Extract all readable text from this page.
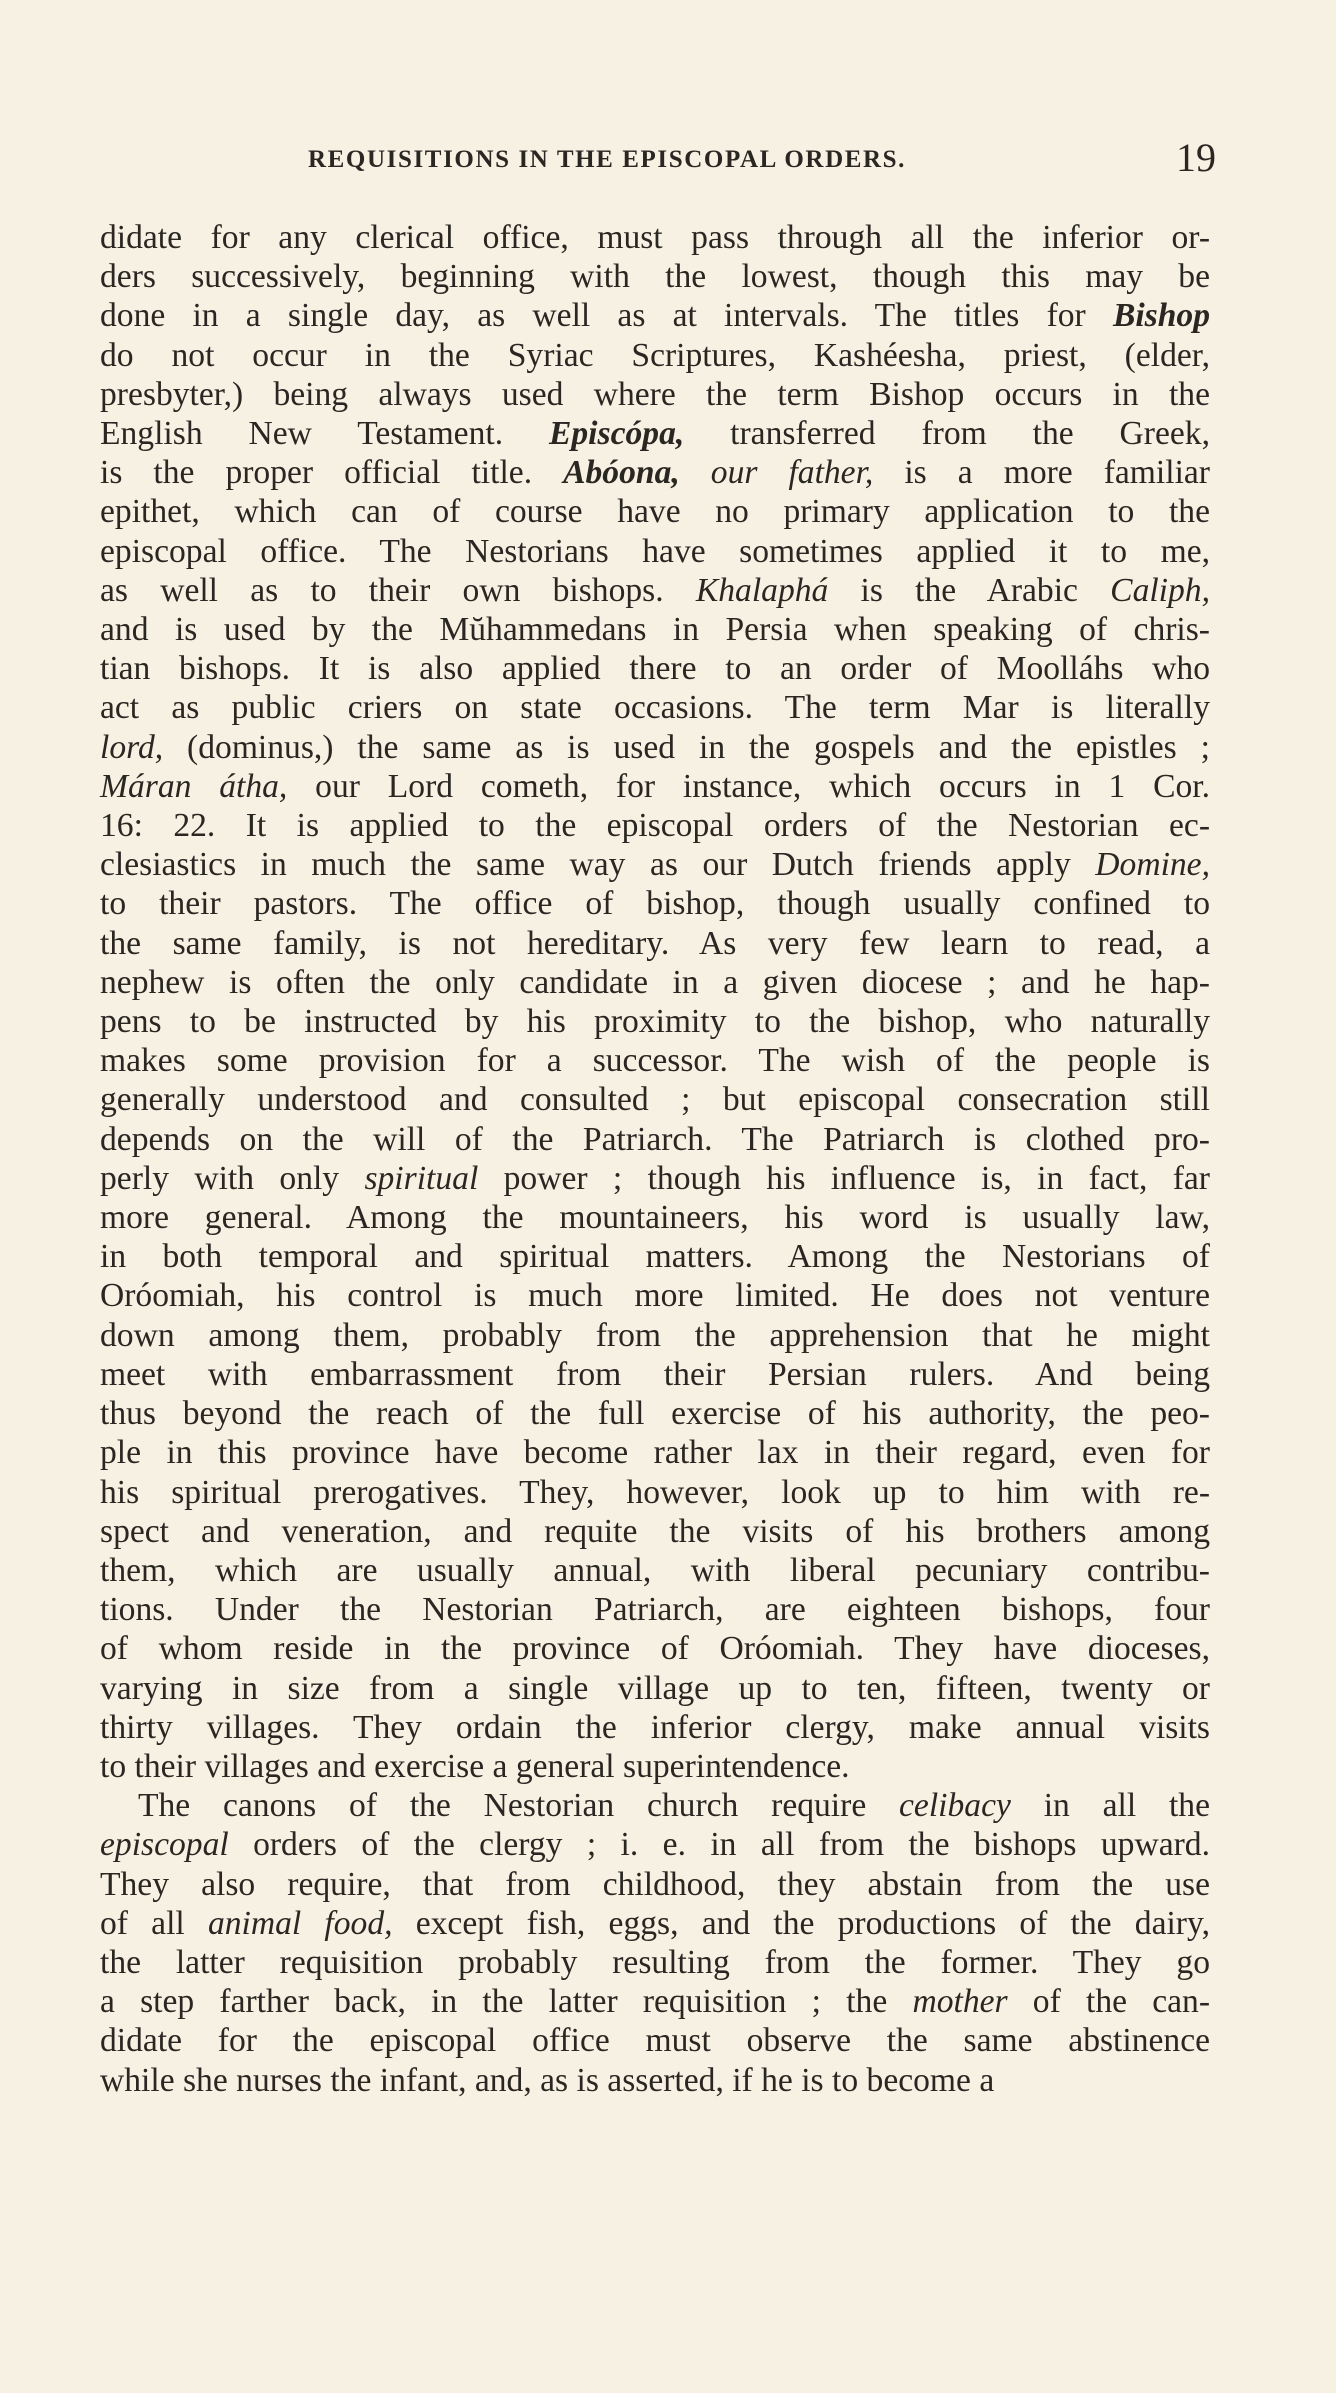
REQUISITIONS IN THE EPISCOPAL ORDERS.	19
didate for any clerical office, must pass through all the inferior or-
ders successively, beginning with the lowest, though this may be
done in a single day, as well as at intervals. The titles for Bishop
do not occur in the Syriac Scriptures, Kashéesha, priest, (elder,
presbyter,) being always used where the term Bishop occurs in the
English New Testament. Episcópa, transferred from the Greek,
is the proper official title. Abóona, our father, is a more familiar
epithet, which can of course have no primary application to the
episcopal office. The Nestorians have sometimes applied it to me,
as well as to their own bishops. Khalaphá is the Arabic Caliph,
and is used by the Mŭhammedans in Persia when speaking of chris-
tian bishops. It is also applied there to an order of Moolláhs who
act as public criers on state occasions. The term Mar is literally
lord, (dominus,) the same as is used in the gospels and the epistles ;
Máran átha, our Lord cometh, for instance, which occurs in 1 Cor.
16: 22. It is applied to the episcopal orders of the Nestorian ec-
clesiastics in much the same way as our Dutch friends apply Domine,
to their pastors. The office of bishop, though usually confined to
the same family, is not hereditary. As very few learn to read, a
nephew is often the only candidate in a given diocese ; and he hap-
pens to be instructed by his proximity to the bishop, who naturally
makes some provision for a successor. The wish of the people is
generally understood and consulted ; but episcopal consecration still
depends on the will of the Patriarch. The Patriarch is clothed pro-
perly with only spiritual power ; though his influence is, in fact, far
more general. Among the mountaineers, his word is usually law,
in both temporal and spiritual matters. Among the Nestorians of
Oróomiah, his control is much more limited. He does not venture
down among them, probably from the apprehension that he might
meet with embarrassment from their Persian rulers. And being
thus beyond the reach of the full exercise of his authority, the peo-
ple in this province have become rather lax in their regard, even for
his spiritual prerogatives. They, however, look up to him with re-
spect and veneration, and requite the visits of his brothers among
them, which are usually annual, with liberal pecuniary contribu-
tions. Under the Nestorian Patriarch, are eighteen bishops, four
of whom reside in the province of Oróomiah. They have dioceses,
varying in size from a single village up to ten, fifteen, twenty or
thirty villages. They ordain the inferior clergy, make annual visits
to their villages and exercise a general superintendence.
The canons of the Nestorian church require celibacy in all the
episcopal orders of the clergy ; i. e. in all from the bishops upward.
They also require, that from childhood, they abstain from the use
of all animal food, except fish, eggs, and the productions of the dairy,
the latter requisition probably resulting from the former. They go
a step farther back, in the latter requisition ; the mother of the can-
didate for the episcopal office must observe the same abstinence
while she nurses the infant, and, as is asserted, if he is to become a
